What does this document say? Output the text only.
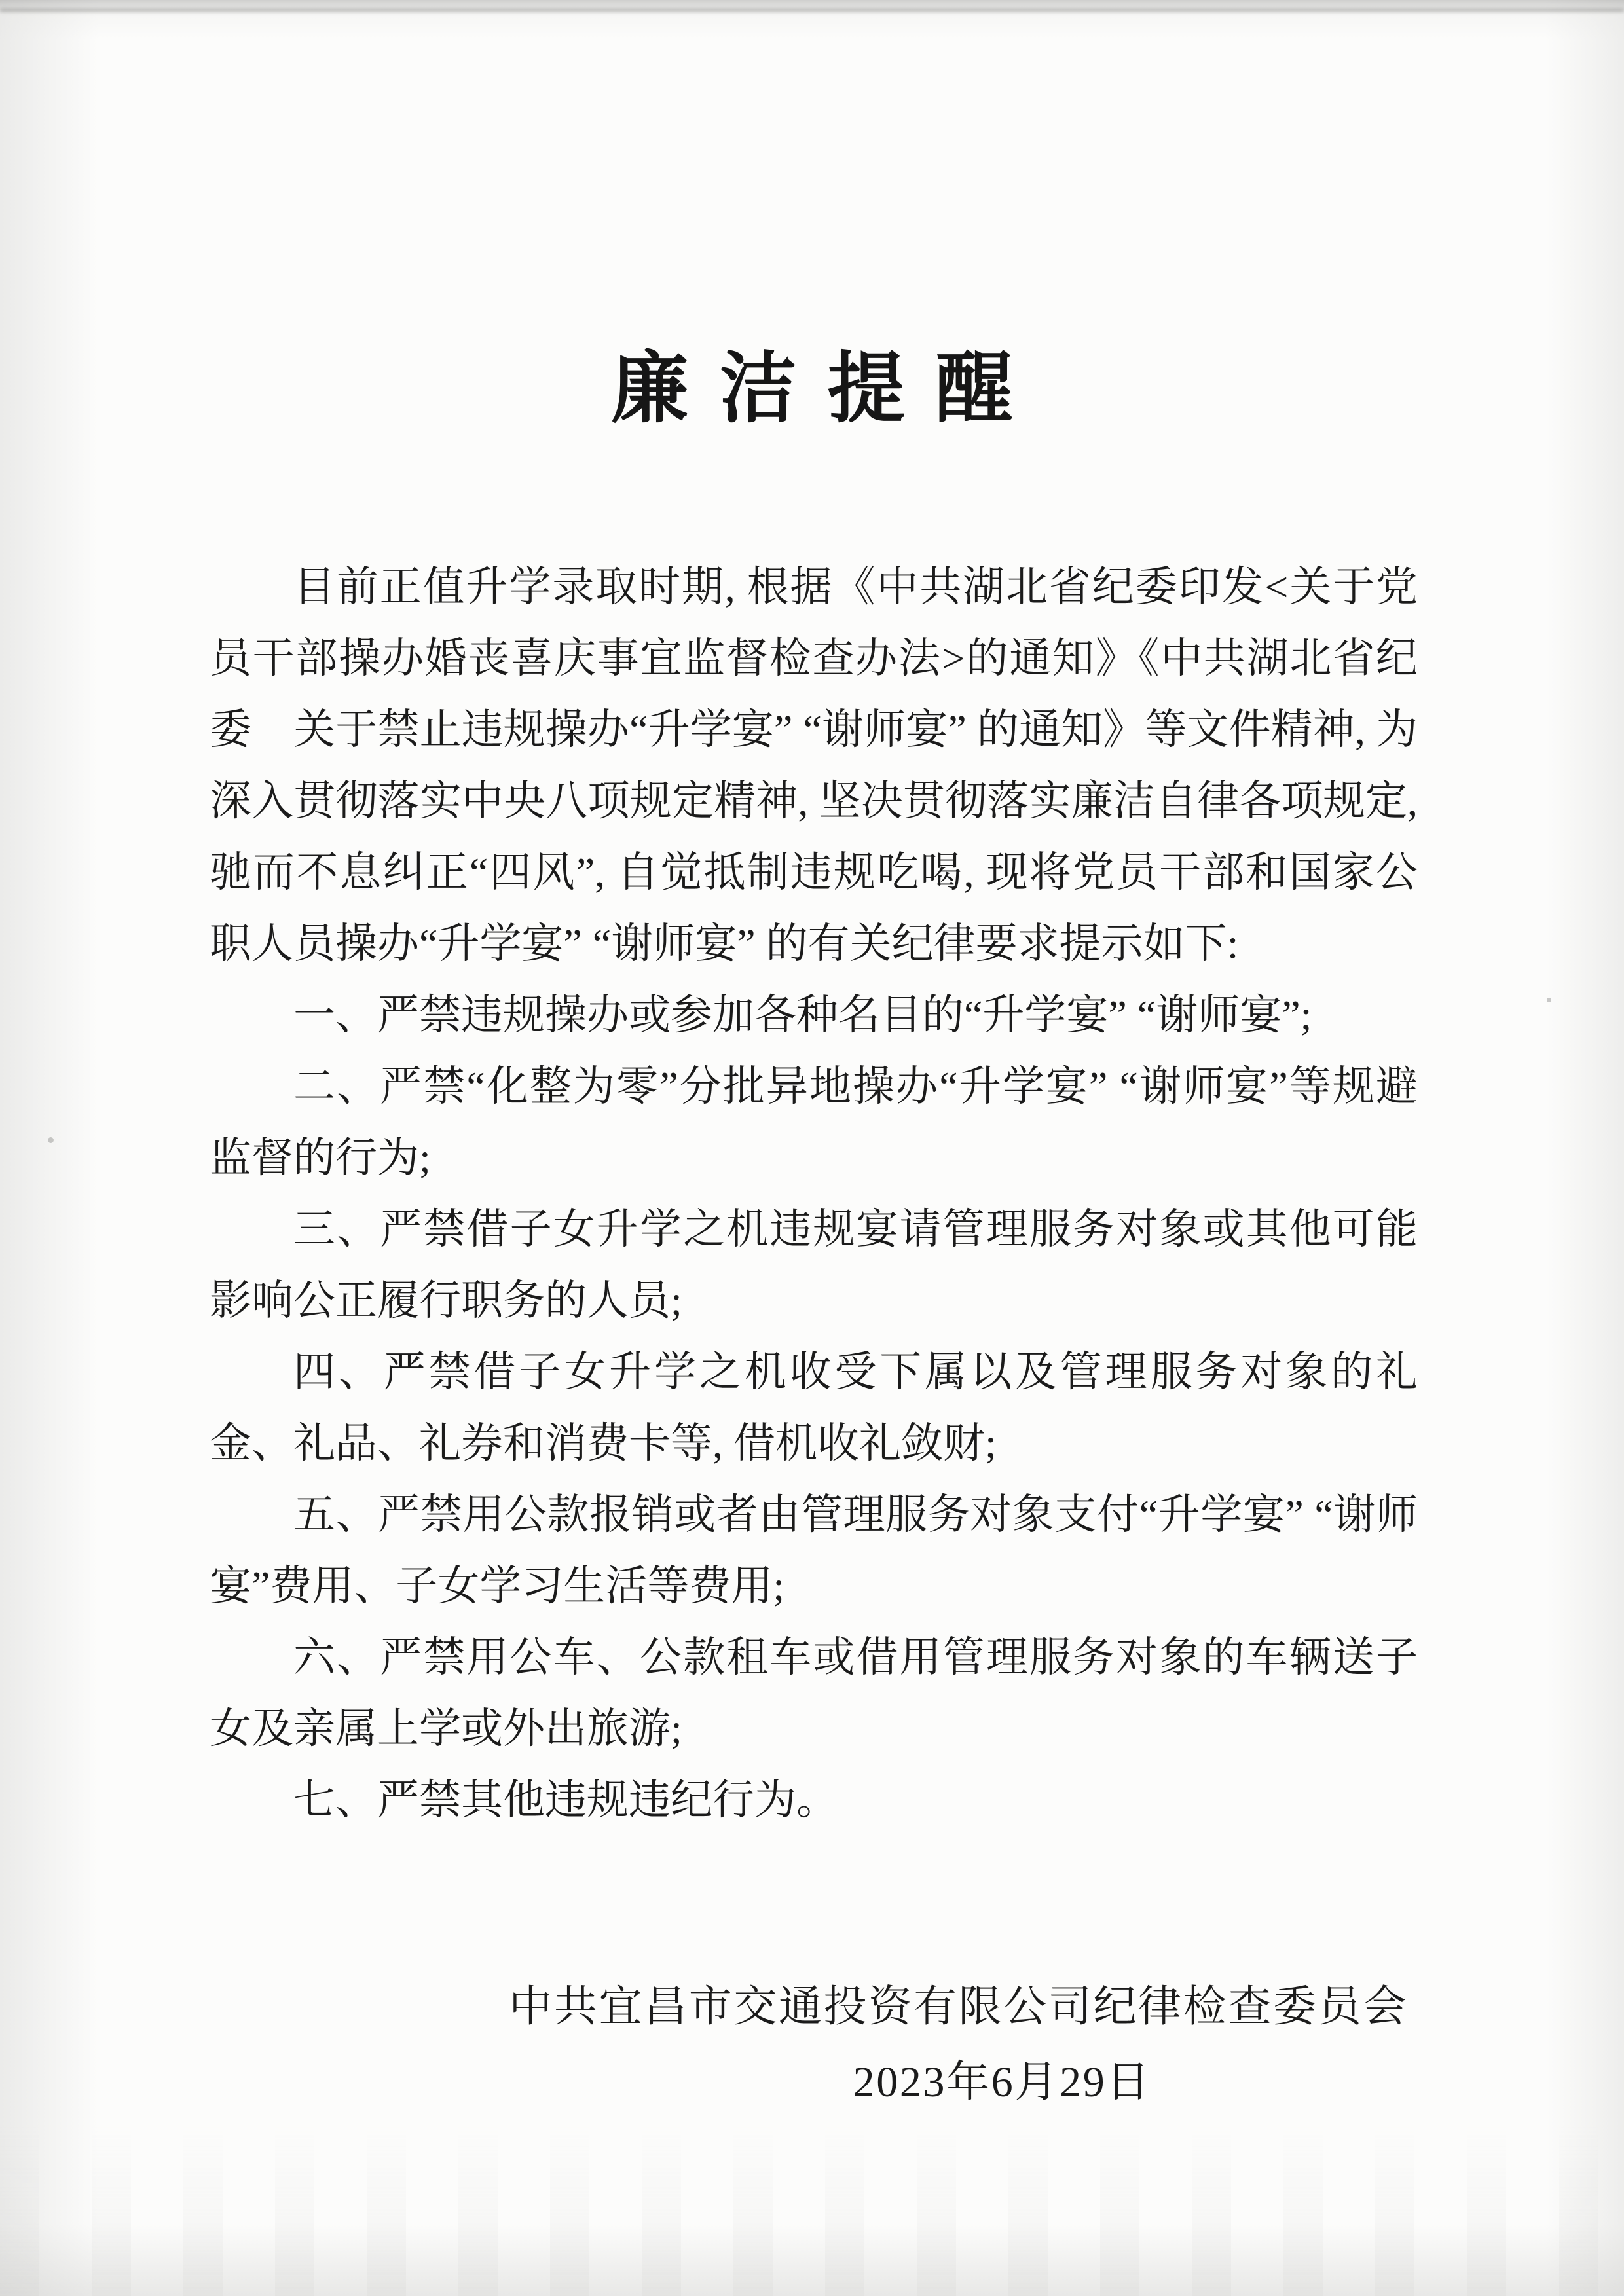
廉洁提醒

目前正值升学录取时期, 根据《中共湖北省纪委印发<关于党员干部操办婚丧喜庆事宜监督检查办法>的通知》《中共湖北省纪委　关于禁止违规操办“升学宴” “谢师宴” 的通知》等文件精神, 为深入贯彻落实中央八项规定精神, 坚决贯彻落实廉洁自律各项规定, 驰而不息纠正“四风”, 自觉抵制违规吃喝, 现将党员干部和国家公职人员操办“升学宴” “谢师宴” 的有关纪律要求提示如下:

一、严禁违规操办或参加各种名目的“升学宴” “谢师宴”;

二、严禁“化整为零”分批异地操办“升学宴” “谢师宴”等规避监督的行为;

三、严禁借子女升学之机违规宴请管理服务对象或其他可能影响公正履行职务的人员;

四、严禁借子女升学之机收受下属以及管理服务对象的礼金、礼品、礼券和消费卡等, 借机收礼敛财;

五、严禁用公款报销或者由管理服务对象支付“升学宴” “谢师宴”费用、子女学习生活等费用;

六、严禁用公车、公款租车或借用管理服务对象的车辆送子女及亲属上学或外出旅游;

七、严禁其他违规违纪行为。

中共宜昌市交通投资有限公司纪律检查委员会
2023年6月29日
